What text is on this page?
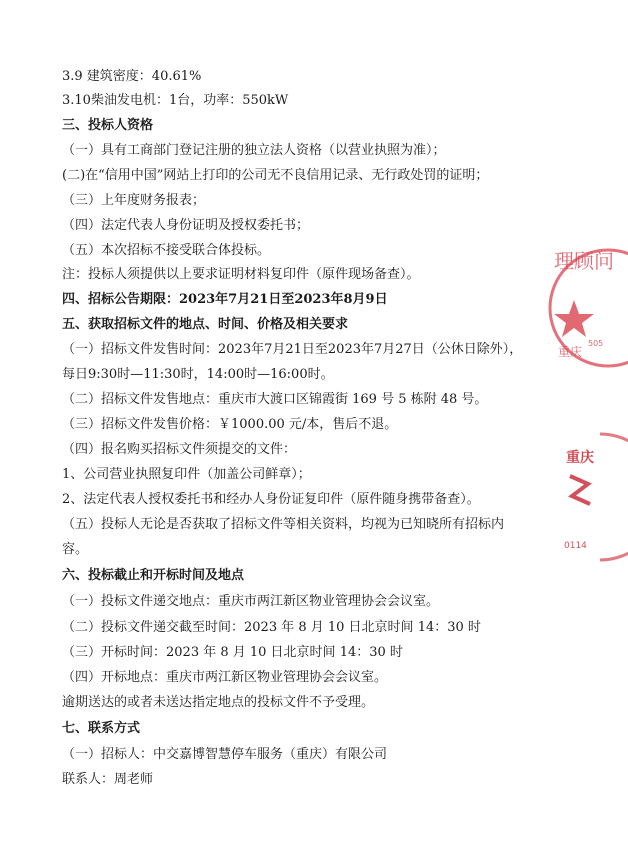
3.9 建筑密度：40.61%
3.10柴油发电机：1台，功率：550kW
三、投标人资格
（一）具有工商部门登记注册的独立法人资格（以营业执照为准）；
(二)在“信用中国”网站上打印的公司无不良信用记录、无行政处罚的证明；
（三）上年度财务报表；
（四）法定代表人身份证明及授权委托书；
（五）本次招标不接受联合体投标。
注：投标人须提供以上要求证明材料复印件（原件现场备查）。
四、招标公告期限：2023年7月21日至2023年8月9日
五、获取招标文件的地点、时间、价格及相关要求
（一）招标文件发售时间：2023年7月21日至2023年7月27日（公休日除外），
每日9:30时—11:30时，14:00时—16:00时。
（二）招标文件发售地点：重庆市大渡口区锦霞街 169 号 5 栋附 48 号。
（三）招标文件发售价格：￥1000.00 元/本，售后不退。
（四）报名购买招标文件须提交的文件：
1、公司营业执照复印件（加盖公司鲜章）；
2、法定代表人授权委托书和经办人身份证复印件（原件随身携带备查）。
（五）投标人无论是否获取了招标文件等相关资料，均视为已知晓所有招标内
容。
六、投标截止和开标时间及地点
（一）投标文件递交地点：重庆市两江新区物业管理协会会议室。
（二）投标文件递交截至时间：2023 年 8 月 10 日北京时间 14：30 时
（三）开标时间：2023 年 8 月 10 日北京时间 14：30 时
（四）开标地点：重庆市两江新区物业管理协会会议室。
逾期送达的或者未送达指定地点的投标文件不予受理。
七、联系方式
（一）招标人：中交嘉博智慧停车服务（重庆）有限公司
联系人：周老师
理顾问
重庆
505
重庆
0114
